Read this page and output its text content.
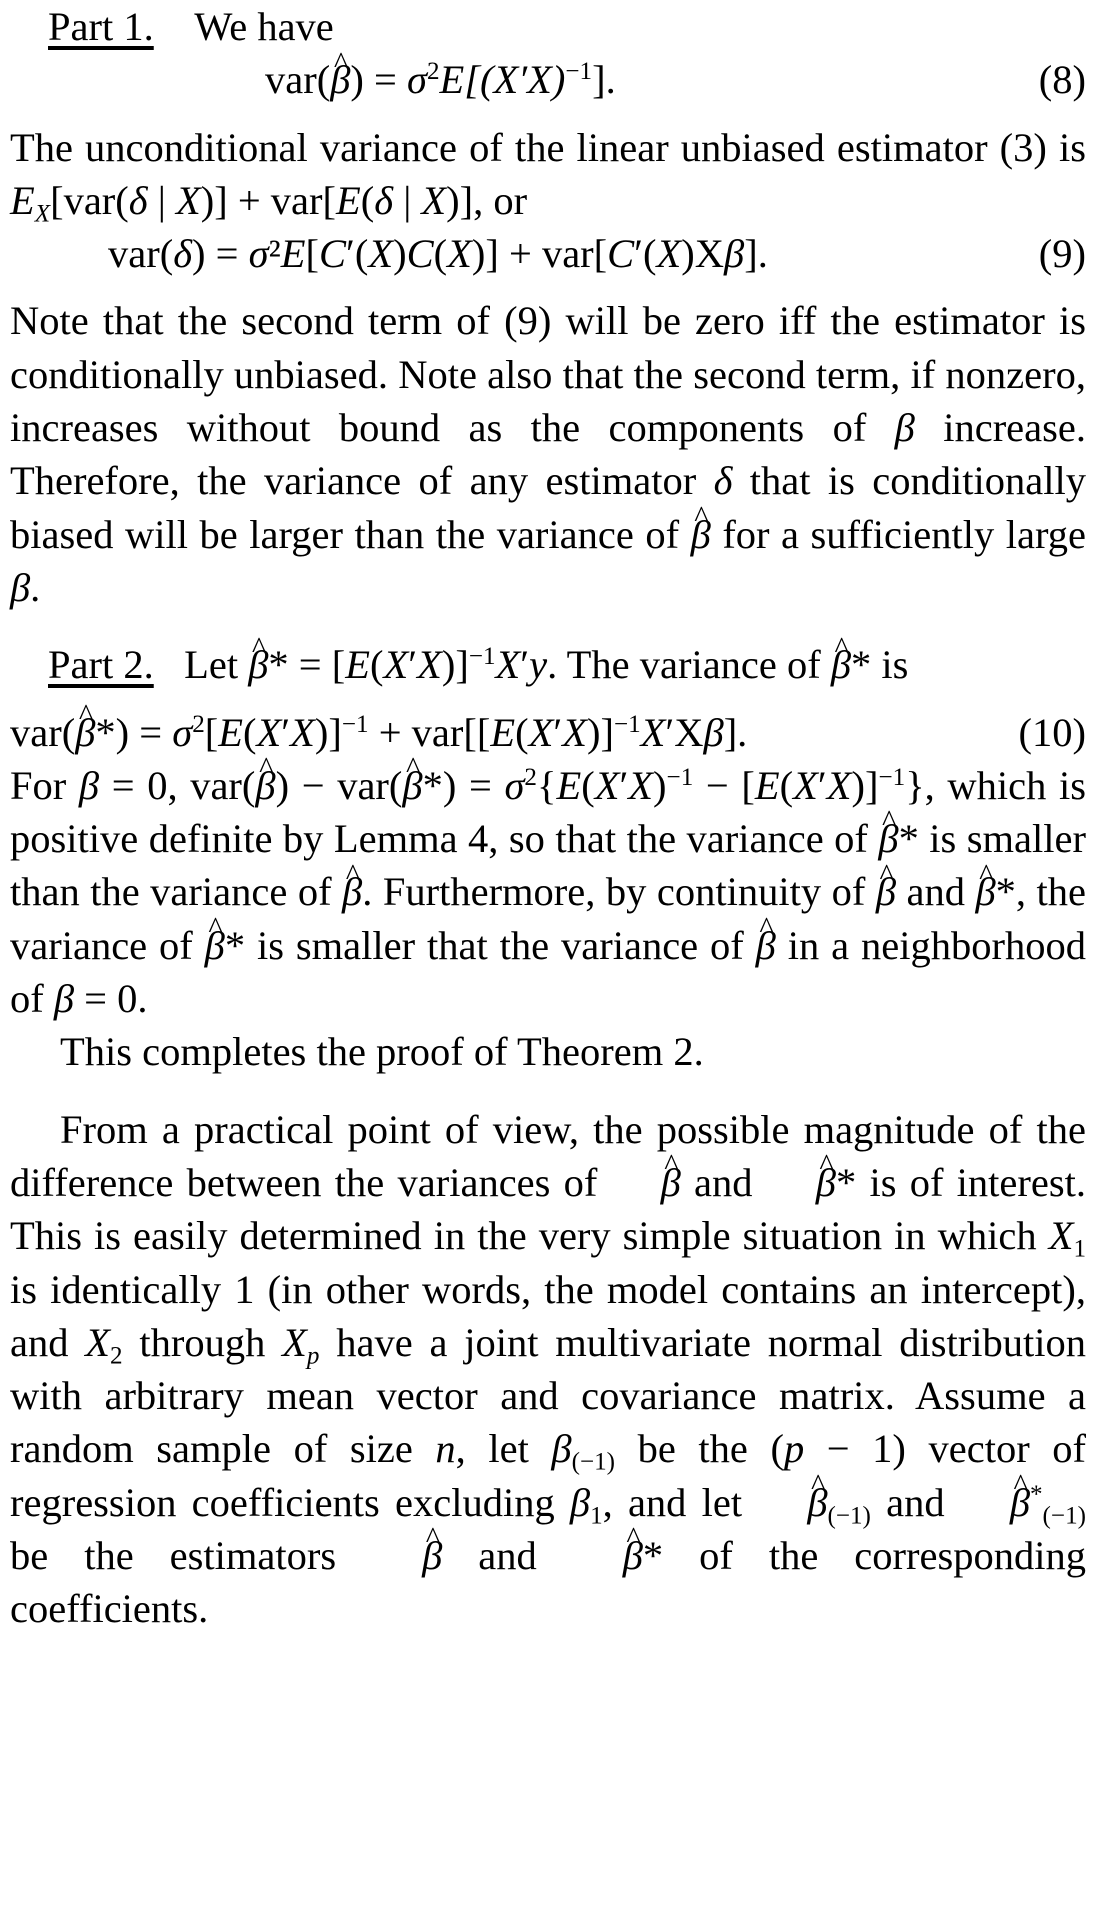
Part 1. We have

var(^ $\beta) = \sigma^2E[(X'X)^{-1}]$.	(8)

The unconditional variance of the linear unbiased estimator (3) is $E_X[var(\delta$ | X)] + var[E(δ | X)], or

var(δ) = σ²E[C′(X)C(X)] + var[C′(X)Xβ].	(9)

Note that the second term of (9) will be zero iff the estimator is conditionally unbiased. Note also that the second term, if nonzero, increases without bound as the components of β increase. Therefore, the variance of any estimator δ that is conditionally biased will be larger than the variance of ^ β for a sufficiently large β.

Part 2. Let ^ $\beta* = [E(X'X)]^{-1}X'y$. The variance of ^ β* is

var(^ $\beta*) = \sigma^2[E(X'X)]^{-1} + var[[E(X'X)]^{-1}X'X\beta]$.	(10)

For β = 0, var(^ β) − var(^ $\beta*) = \sigma^2\{E(X'X)^{-1} - [E(X'X)]^{-1}\}$, which is positive definite by Lemma 4, so that the variance of ^ β* is smaller than the variance of ^ β. Furthermore, by continuity of ^ β and ^ β*, the variance of ^ β* is smaller that the variance of ^ β in a neighborhood of β = 0.

This completes the proof of Theorem 2.

From a practical point of view, the possible magnitude of the difference between the variances of ^ β and ^ β* is of interest. This is easily determined in the very simple situation in which $X_1$ is identically 1 (in other words, the model contains an intercept), and $X_2$ through $X_p$ have a joint multivariate normal distribution with arbitrary mean vector and covariance matrix. Assume a random sample of size n, let $\beta_{(-1)}$ be the (p − 1) vector of regression coefficients excluding $\beta_1$, and let ^ $\beta_{(-1)}$ and ^ $\beta^*_{(-1)}$ be the estimators ^ β and ^ β* of the corresponding coefficients.
